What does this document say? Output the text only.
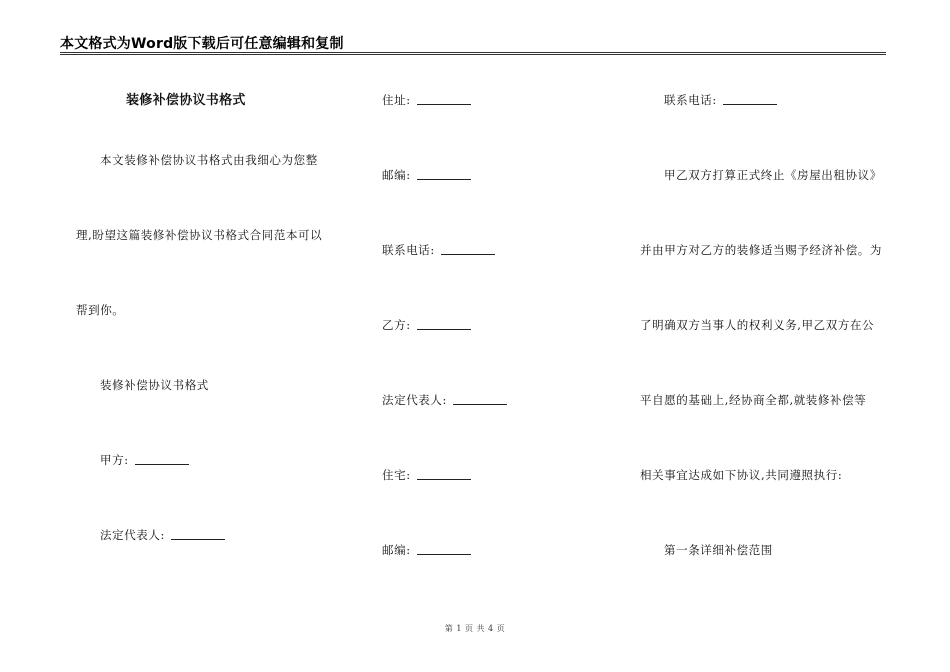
本文格式为Word版下载后可任意编辑和复制
装修补偿协议书格式
本文装修补偿协议书格式由我细心为您整
理,盼望这篇装修补偿协议书格式合同范本可以
帮到你。
装修补偿协议书格式
甲方:
法定代表人:
住址:
邮编:
联系电话:
乙方:
法定代表人:
住宅:
邮编:
联系电话:
甲乙双方打算正式终止《房屋出租协议》
并由甲方对乙方的装修适当赐予经济补偿。为
了明确双方当事人的权利义务,甲乙双方在公
平自愿的基础上,经协商全都,就装修补偿等
相关事宜达成如下协议,共同遵照执行:
第一条详细补偿范围
第 1 页 共 4 页
